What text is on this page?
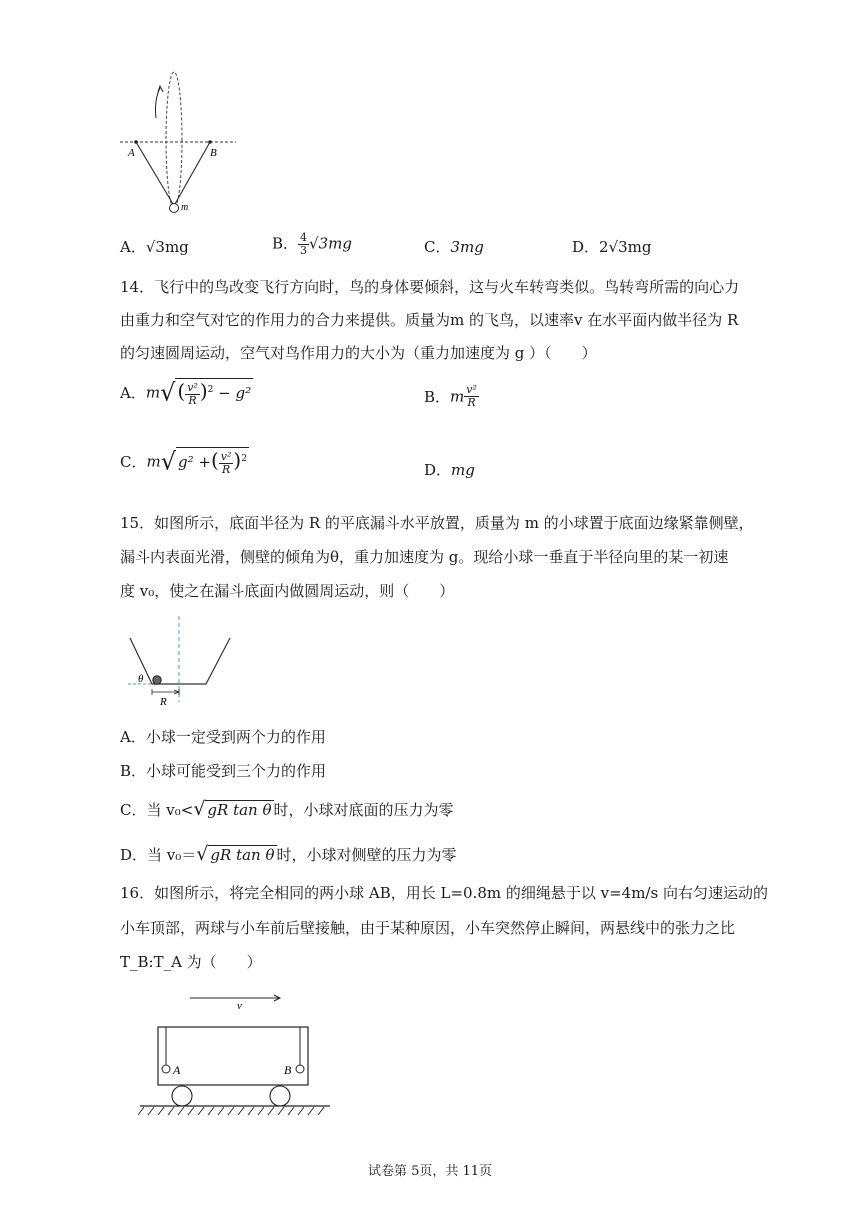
A	B
m
A．√3mg	B． $\frac{4}{3} √3mg$	C．3mg	D．2√3mg
14．飞行中的鸟改变飞行方向时，鸟的身体要倾斜，这与火车转弯类似。鸟转弯所需的向心力
由重力和空气对它的作用力的合力来提供。质量为m 的飞鸟，以速率v 在水平面内做半径为 R
的匀速圆周运动，空气对鸟作用力的大小为（重力加速度为 g ）（　　）
A．m√ ( $\frac{\text{v²}}{R} )^2 - g^2$	B．m $\frac{\text{v²}}{R}$
C．m√ g² +( $\frac{\text{v²}}{R} )^2$
D．mg
15．如图所示，底面半径为 R 的平底漏斗水平放置，质量为 m 的小球置于底面边缘紧靠侧壁，
漏斗内表面光滑，侧壁的倾角为θ，重力加速度为 g。现给小球一垂直于半径向里的某一初速
度 v₀，使之在漏斗底面内做圆周运动，则（　　）
θ
R
A．小球一定受到两个力的作用
B．小球可能受到三个力的作用
C．当 v₀<√ gR tan θ 时，小球对底面的压力为零
D．当 v₀＝√ gR tan θ 时，小球对侧壁的压力为零
16．如图所示，将完全相同的两小球 AB，用长 L=0.8m 的细绳悬于以 v=4m/s 向右匀速运动的
小车顶部，两球与小车前后壁接触，由于某种原因，小车突然停止瞬间，两悬线中的张力之比
T_B:T_A 为（　　）
v
A	B
试卷第 5页，共 11页
